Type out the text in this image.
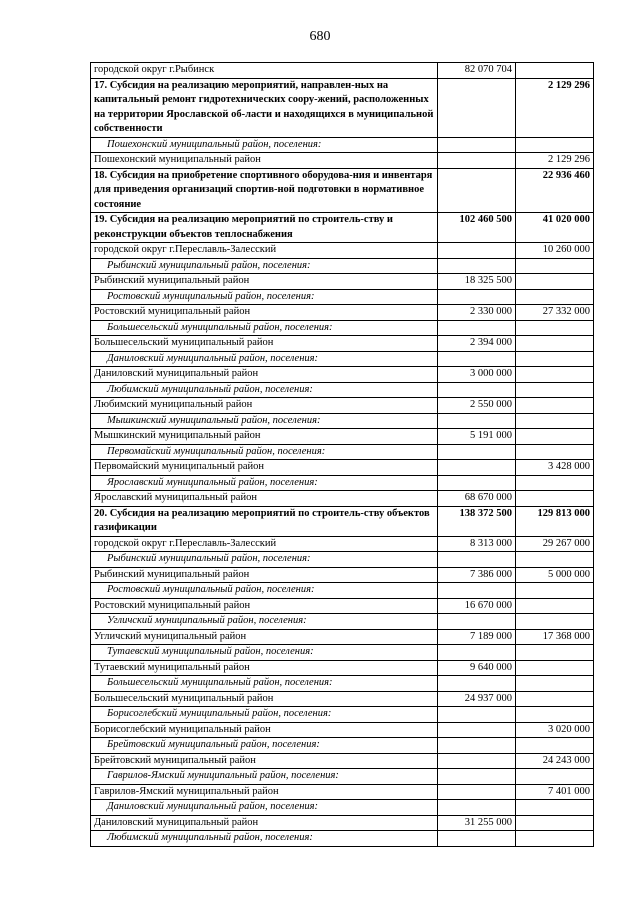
680
городской округ г.Рыбинск	82 070 704	
17. Субсидия на реализацию мероприятий, направлен-ных на капитальный ремонт гидротехнических соору-жений, расположенных на территории Ярославской об-ласти и находящихся в муниципальной собственности		2 129 296
Пошехонский муниципальный район, поселения:		
Пошехонский муниципальный район		2 129 296
18. Субсидия на приобретение спортивного оборудова-ния и инвентаря для приведения организаций спортив-ной подготовки в нормативное состояние		22 936 460
19. Субсидия на реализацию мероприятий по строитель-ству и реконструкции объектов теплоснабжения	102 460 500	41 020 000
городской округ г.Переславль-Залесский		10 260 000
Рыбинский муниципальный район, поселения:		
Рыбинский муниципальный район	18 325 500	
Ростовский муниципальный район, поселения:		
Ростовский муниципальный район	2 330 000	27 332 000
Большесельский муниципальный район, поселения:		
Большесельский муниципальный район	2 394 000	
Даниловский муниципальный район, поселения:		
Даниловский муниципальный район	3 000 000	
Любимский муниципальный район, поселения:		
Любимский муниципальный район	2 550 000	
Мышкинский муниципальный район, поселения:		
Мышкинский муниципальный район	5 191 000	
Первомайский муниципальный район, поселения:		
Первомайский муниципальный район		3 428 000
Ярославский муниципальный район, поселения:		
Ярославский муниципальный район	68 670 000	
20. Субсидия на реализацию мероприятий по строитель-ству объектов газификации	138 372 500	129 813 000
городской округ г.Переславль-Залесский	8 313 000	29 267 000
Рыбинский муниципальный район, поселения:		
Рыбинский муниципальный район	7 386 000	5 000 000
Ростовский муниципальный район, поселения:		
Ростовский муниципальный район	16 670 000	
Угличский муниципальный район, поселения:		
Угличский муниципальный район	7 189 000	17 368 000
Тутаевский муниципальный район, поселения:		
Тутаевский муниципальный район	9 640 000	
Большесельский муниципальный район, поселения:		
Большесельский муниципальный район	24 937 000	
Борисоглебский муниципальный район, поселения:		
Борисоглебский муниципальный район		3 020 000
Брейтовский муниципальный район, поселения:		
Брейтовский муниципальный район		24 243 000
Гаврилов-Ямский муниципальный район, поселения:		
Гаврилов-Ямский муниципальный район		7 401 000
Даниловский муниципальный район, поселения:		
Даниловский муниципальный район	31 255 000	
Любимский муниципальный район, поселения:		
